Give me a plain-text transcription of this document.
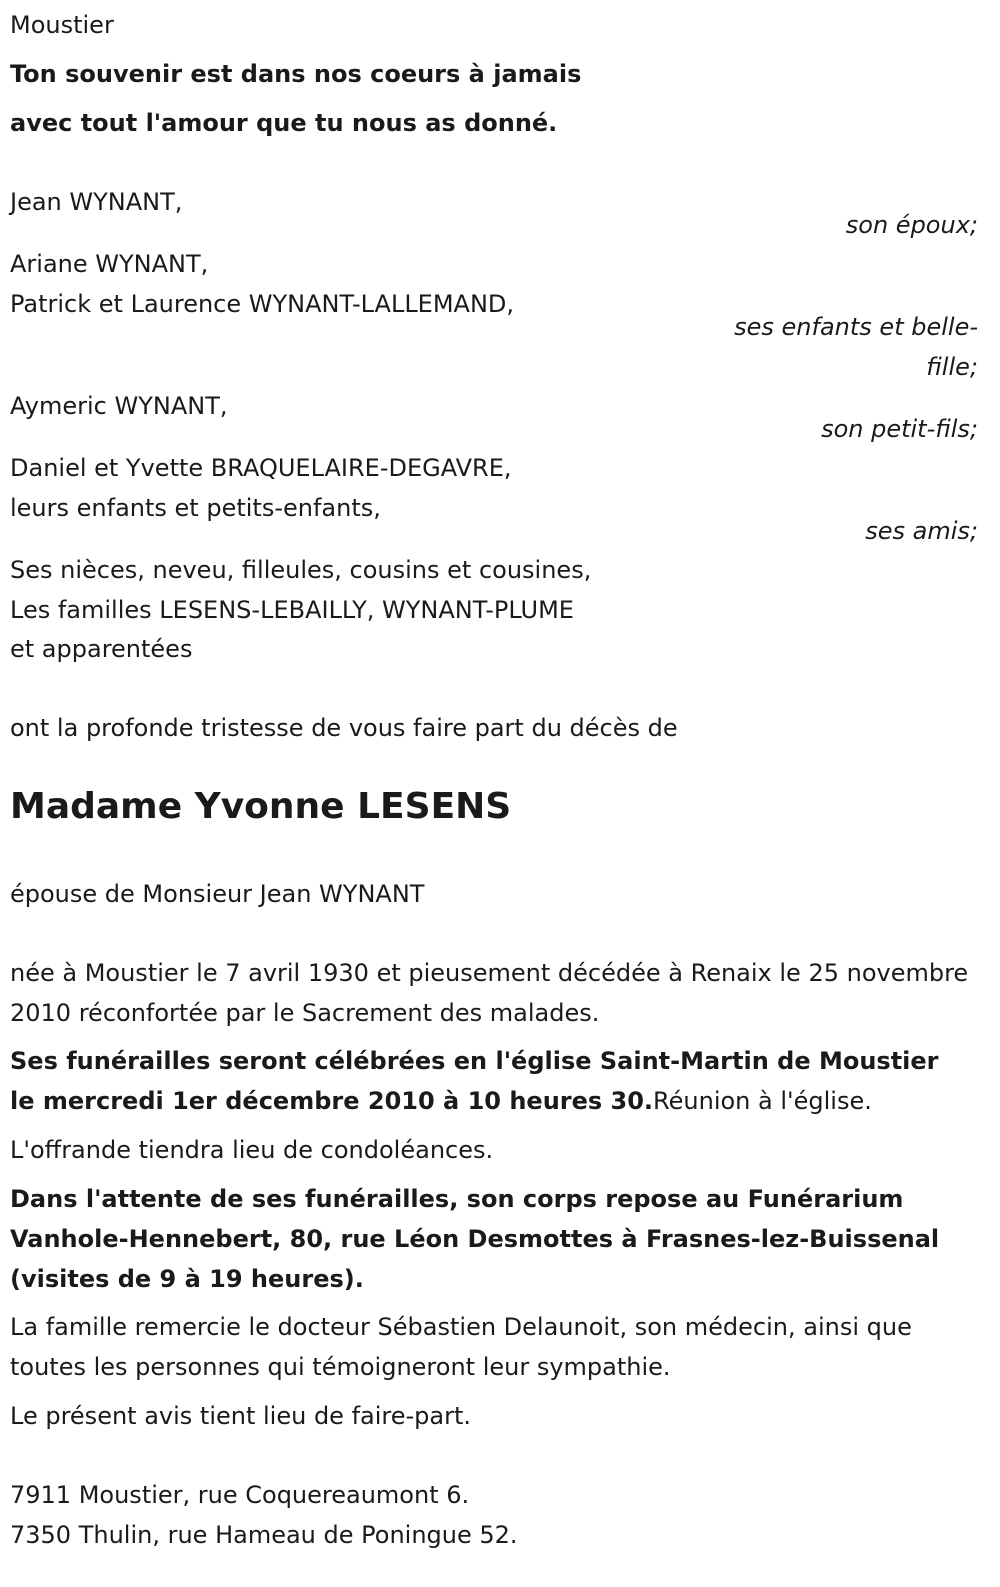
Moustier
Ton souvenir est dans nos coeurs à jamais
avec tout l'amour que tu nous as donné.
Jean WYNANT,
son époux;
Ariane WYNANT,
Patrick et Laurence WYNANT-LALLEMAND,
ses enfants et belle-
fille;
Aymeric WYNANT,
son petit-fils;
Daniel et Yvette BRAQUELAIRE-DEGAVRE,
leurs enfants et petits-enfants,
ses amis;
Ses nièces, neveu, filleules, cousins et cousines,
Les familles LESENS-LEBAILLY, WYNANT-PLUME
et apparentées
ont la profonde tristesse de vous faire part du décès de
Madame Yvonne LESENS
épouse de Monsieur Jean WYNANT
née à Moustier le 7 avril 1930 et pieusement décédée à Renaix le 25 novembre 2010 réconfortée par le Sacrement des malades.
Ses funérailles seront célébrées en l'église Saint-Martin de Moustier le mercredi 1er décembre 2010 à 10 heures 30.Réunion à l'église.
L'offrande tiendra lieu de condoléances.
Dans l'attente de ses funérailles, son corps repose au Funérarium Vanhole-Hennebert, 80, rue Léon Desmottes à Frasnes-lez-Buissenal (visites de 9 à 19 heures).
La famille remercie le docteur Sébastien Delaunoit, son médecin, ainsi que toutes les personnes qui témoigneront leur sympathie.
Le présent avis tient lieu de faire-part.
7911 Moustier, rue Coquereaumont 6.
7350 Thulin, rue Hameau de Poningue 52.
